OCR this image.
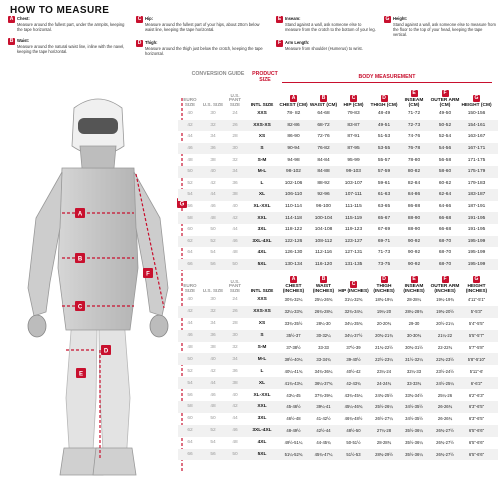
HOW TO MEASURE
A Chest:
Measure around the fullest part, under the armpits, keeping the tape horizontal.
B Waist:
Measure around the natural waist line, inline with the navel, keeping the tape horizontal.
C Hip:
Measure around the fullest part of your hips, about 20cm below waist line, keeping the tape horizontal.
D Thigh:
Measure around the thigh just below the crotch, keeping the tape horizontal.
E Inseam:
Stand against a wall, ask someone else to measure from the crotch to the bottom of your leg.
F Arm Length:
Measure from shoulder (Humerus) to wrist.
G Height:
Stand against a wall, ask someone else to measure from the floor to the top of your head, keeping the tape vertical.
A
B
C
D
E
F
G
CONVERSION GUIDE	PRODUCT SIZE	BODY MEASUREMENT
EURO SIZE	U.S. SIZE
U.S. PANT SIZE	INTL SIZE
A
CHEST (CM)
B
WAIST (CM)
C
HIP (CM)
D
THIGH (CM)
E
INSEAM (CM)
F
OUTER ARM (CM)
G
HEIGHT (CM)
40	30	24	XXS	78- 82	64-68	79-83	48-49	71-72	49-50	150-156
42	32	26	XXS-XS	82-86	68-72	83-87	49-51	72-73	50-52	154-161
44	34	28	XS	86-90	72-76	87-91	51-53	74-76	52-54	163-167
46	36	30	S	90-94	76-82	87-95	53-55	76-78	54-56	167-171
48	38	32	S-M	94-98	84-84	95-99	55-57	78-80	56-58	171-175
50	40	34	M-L	98-102	84-88	99-103	57-59	80-82	58-60	175-179
52	42	36	L	102-106	88-92	103-107	59-61	82-84	60-62	179-183
54	44	38	XL	106-110	92-96	107-111	61-63	84-86	62-64	183-187
56	46	40	XL-XXL	110-114	96-100	111-115	63-65	86-88	64-66	187-191
58	48	42	XXL	114-118	100-104	115-119	65-67	88-90	66-68	191-195
60	50	44	3XL	118-122	104-108	119-123	67-69	88-90	66-68	191-195
62	52	46	3XL-4XL	122-126	108-112	123-127	69-71	90-92	68-70	195-199
64	54	48	4XL	126-130	112-116	127-131	71-73	90-92	68-70	195-199
66	56	50	5XL	130-134	116-120	131-135	73-75	90-92	68-70	195-199
EURO SIZE	U.S. SIZE
U.S. PANT SIZE	INTL SIZE
A
CHEST (INCHES)
B
WAIST (INCHES)
C
HIP (INCHES)
D
THIGH (INCHES)
E
INSEAM (INCHES)
F
OUTER ARM (INCHES)
G
HEIGHT (INCHES)
40	30	24	XXS	30¾-32¼	25¼-26¾	31¼-32¾	18¾-19¼	28-28¼	19¼-19¾	4'11"-5'1"
42	32	26	XXS-XS	32¼-33¾	26¾-28¼	32¾-34¼	19¼-20	28¼-28¾	19¾-20½	5'-5'3"
44	34	28	XS	33¾-35½	28¼-30	34¼-35¾	20-20¾	29-30	20½-21¼	5'4"-5'5"
46	36	30	S	35½-37	30-32¼	34¼-37½	20¾-21¾	30-30¾	21¼-22	5'5"-5'7"
48	38	32	S-M	37-38½	33-33	37½-39	21¾-22½	30¾-31½	22-22¾	5'7"-5'8"
50	40	34	M-L	38½-40¼	33-34¾	39-40½	22½-23¼	31½-32¼	22¾-23½	5'8"-5'10"
52	42	36	L	40¼-41¾	34¾-36¼	40½-42	23¼-24	32¼-33	23½-24½	5'11"-6'
54	44	38	XL	41¾-43¼	36¼-37¾	42-43¾	24-24¾	33-33¾	24½-25¼	6'-6'2"
56	46	40	XL-XXL	43¼-45	37¾-39¼	43¾-45¼	24¾-25½	33¾-34½	25¼-26	6'2"-6'3"
58	48	42	XXL	45-46½	39¼-41	45¼-46¾	25½-26¼	34½-35½	26-26¾	6'3"-6'5"
60	50	44	3XL	46½-48	41-42½	46¾-48½	26½-27¼	34½-35½	26-26¾	6'3"-6'5"
62	52	46	3XL-4XL	48-49½	42½-44	48½-50	27¼-28	35½-36¼	26¾-27½	6'5"-6'6"
64	54	48	4XL	49½-51¼	44-45¾	50-51½	28-28¾	35½-36¼	26¾-27½	6'5"-6'6"
66	56	50	5XL	51¼-52¾	45¾-47¼	51½-53	28¾-29½	35½-36¼	26¾-27½	6'5"-6'6"
